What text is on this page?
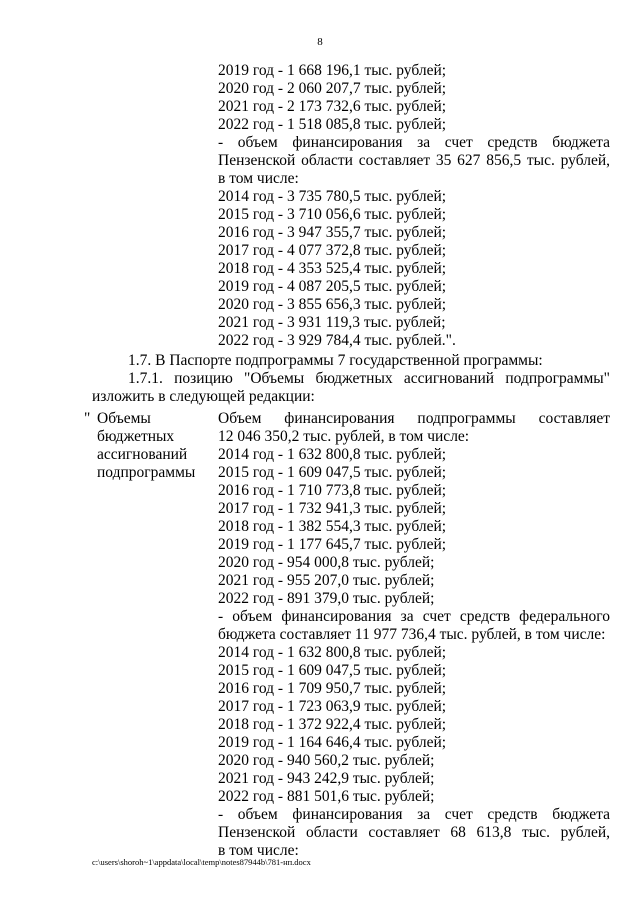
8
2019 год - 1 668 196,1 тыс. рублей;
2020 год - 2 060 207,7 тыс. рублей;
2021 год - 2 173 732,6 тыс. рублей;
2022 год - 1 518 085,8 тыс. рублей;
- объем финансирования за счет средств бюджета
Пензенской области составляет 35 627 856,5 тыс. рублей,
в том числе:
2014 год - 3 735 780,5 тыс. рублей;
2015 год - 3 710 056,6 тыс. рублей;
2016 год - 3 947 355,7 тыс. рублей;
2017 год - 4 077 372,8 тыс. рублей;
2018 год - 4 353 525,4 тыс. рублей;
2019 год - 4 087 205,5 тыс. рублей;
2020 год - 3 855 656,3 тыс. рублей;
2021 год - 3 931 119,3 тыс. рублей;
2022 год - 3 929 784,4 тыс. рублей.".
1.7. В Паспорте подпрограммы 7 государственной программы:
1.7.1. позицию "Объемы бюджетных ассигнований подпрограммы"
изложить в следующей редакции:
" Объемы
бюджетных
ассигнований
подпрограммы
Объем финансирования подпрограммы составляет
12 046 350,2 тыс. рублей, в том числе:
2014 год - 1 632 800,8 тыс. рублей;
2015 год - 1 609 047,5 тыс. рублей;
2016 год - 1 710 773,8 тыс. рублей;
2017 год - 1 732 941,3 тыс. рублей;
2018 год - 1 382 554,3 тыс. рублей;
2019 год - 1 177 645,7 тыс. рублей;
2020 год - 954 000,8 тыс. рублей;
2021 год - 955 207,0 тыс. рублей;
2022 год - 891 379,0 тыс. рублей;
- объем финансирования за счет средств федерального
бюджета составляет 11 977 736,4 тыс. рублей, в том числе:
2014 год - 1 632 800,8 тыс. рублей;
2015 год - 1 609 047,5 тыс. рублей;
2016 год - 1 709 950,7 тыс. рублей;
2017 год - 1 723 063,9 тыс. рублей;
2018 год - 1 372 922,4 тыс. рублей;
2019 год - 1 164 646,4 тыс. рублей;
2020 год - 940 560,2 тыс. рублей;
2021 год - 943 242,9 тыс. рублей;
2022 год - 881 501,6 тыс. рублей;
- объем финансирования за счет средств бюджета
Пензенской области составляет 68 613,8 тыс. рублей,
в том числе:
c:\users\shoroh~1\appdata\local\temp\notes87944b\781-нп.docx
